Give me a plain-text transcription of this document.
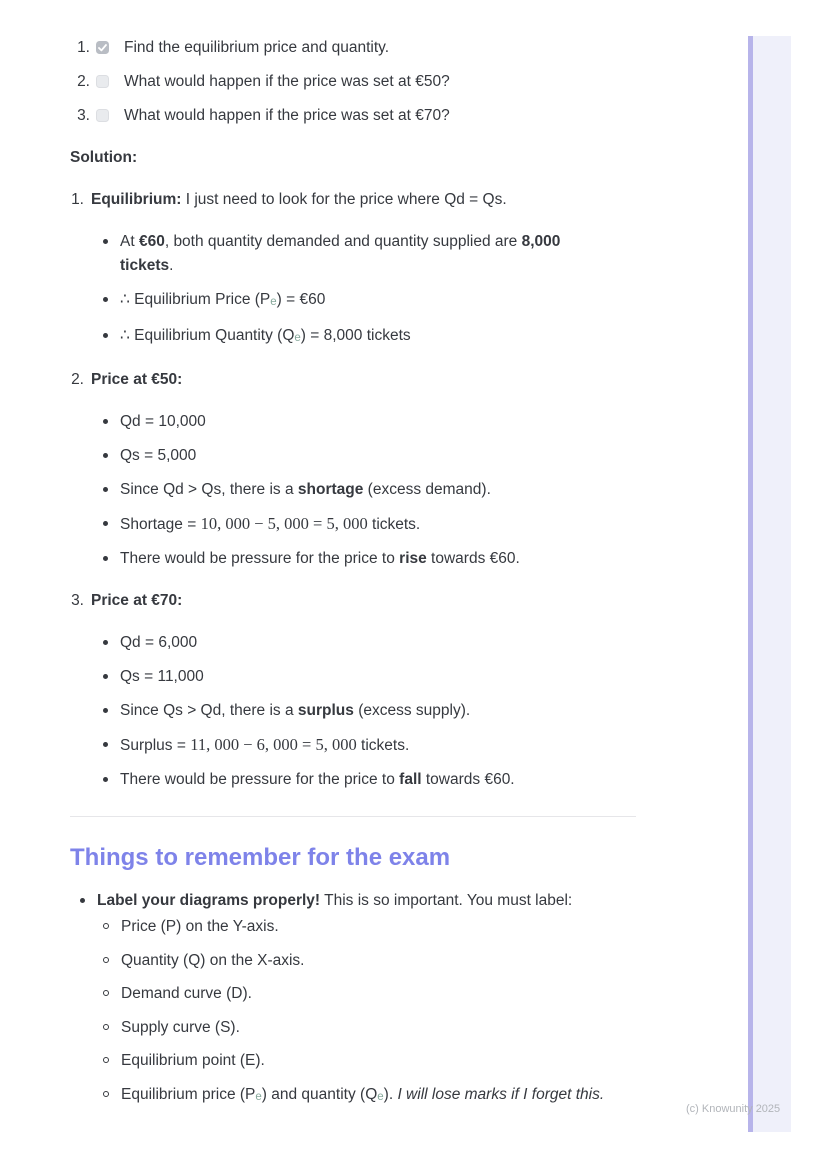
1.	Find the equilibrium price and quantity.
2.	What would happen if the price was set at €50?
3.	What would happen if the price was set at €70?

Solution:

1. Equilibrium: I just need to look for the price where Qd = Qs.
At €60, both quantity demanded and quantity supplied are 8,000 tickets.
∴ Equilibrium Price (Pe) = €60
∴ Equilibrium Quantity (Qe) = 8,000 tickets
2. Price at €50:
Qd = 10,000
Qs = 5,000
Since Qd > Qs, there is a shortage (excess demand).
Shortage = 10, 000 − 5, 000 = 5, 000 tickets.
There would be pressure for the price to rise towards €60.
3. Price at €70:
Qd = 6,000
Qs = 11,000
Since Qs > Qd, there is a surplus (excess supply).
Surplus = 11, 000 − 6, 000 = 5, 000 tickets.
There would be pressure for the price to fall towards €60.
Things to remember for the exam
Label your diagrams properly! This is so important. You must label:
Price (P) on the Y-axis.
Quantity (Q) on the X-axis.
Demand curve (D).
Supply curve (S).
Equilibrium point (E).
Equilibrium price (Pe) and quantity (Qe). I will lose marks if I forget this.
(c) Knowunity 2025
